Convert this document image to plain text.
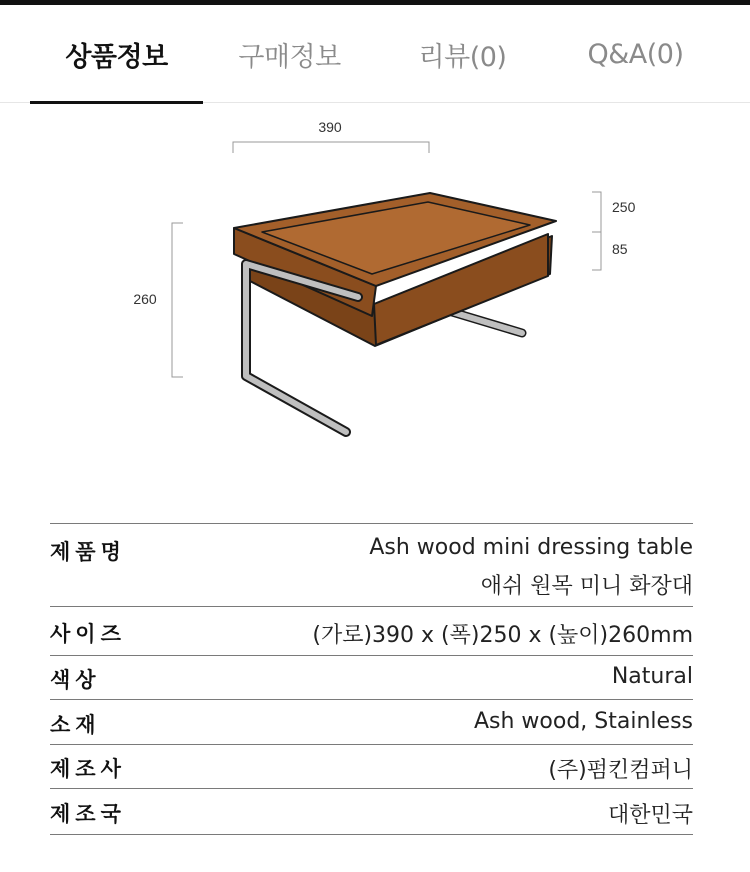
상품정보	구매정보	리뷰(0)	Q&A(0)
390
250
85
260
제품명	Ash wood mini dressing table
애쉬 원목 미니 화장대
사이즈	(가로)390 x (폭)250 x (높이)260mm
색상	Natural
소재	Ash wood, Stainless
제조사	(주)펌킨컴퍼니
제조국	대한민국
